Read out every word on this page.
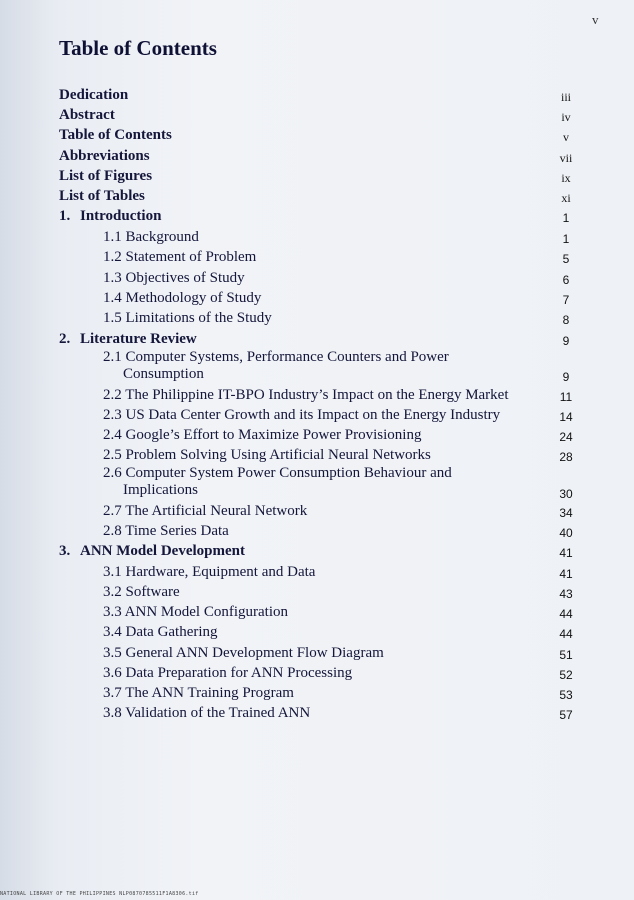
v
Table of Contents
Dedication	iii
Abstract	iv
Table of Contents	v
Abbreviations	vii
List of Figures	ix
List of Tables	xi
1. Introduction	1
1.1 Background	1
1.2 Statement of Problem	5
1.3 Objectives of Study	6
1.4 Methodology of Study	7
1.5 Limitations of the Study	8
2. Literature Review	9
2.1 Computer Systems, Performance Counters and Power
Consumption	9
2.2 The Philippine IT-BPO Industry’s Impact on the Energy Market	11
2.3 US Data Center Growth and its Impact on the Energy Industry	14
2.4 Google’s Effort to Maximize Power Provisioning	24
2.5 Problem Solving Using Artificial Neural Networks	28
2.6 Computer System Power Consumption Behaviour and
Implications	30
2.7 The Artificial Neural Network	34
2.8 Time Series Data	40
3. ANN Model Development	41
3.1 Hardware, Equipment and Data	41
3.2 Software	43
3.3 ANN Model Configuration	44
3.4 Data Gathering	44
3.5 General ANN Development Flow Diagram	51
3.6 Data Preparation for ANN Processing	52
3.7 The ANN Training Program	53
3.8 Validation of the Trained ANN	57
NATIONAL LIBRARY OF THE PHILIPPINES NLP0870785511F1A8306.tif
